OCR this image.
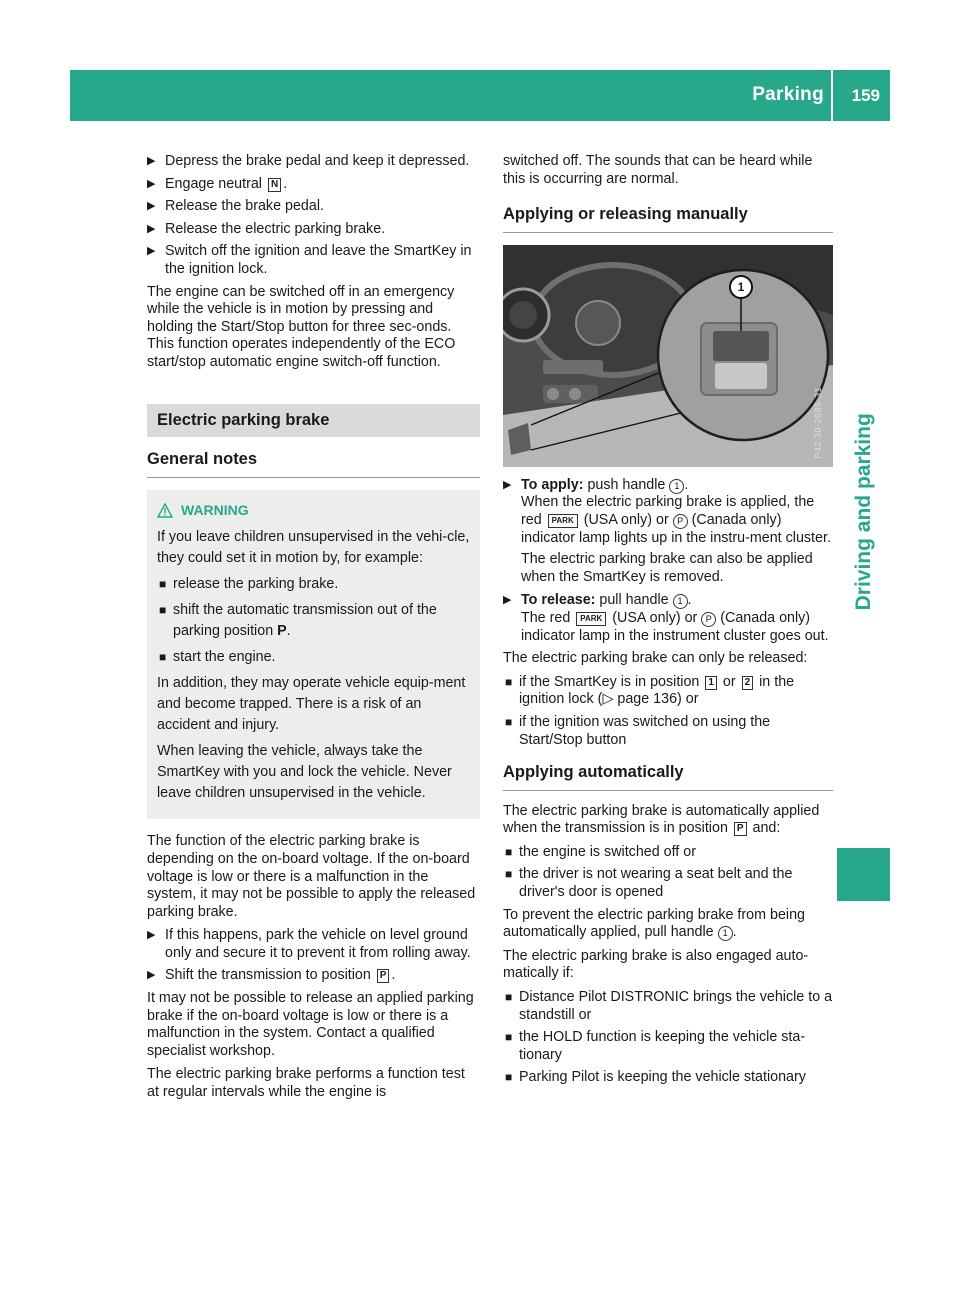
Parking 159
Driving and parking
▶ Depress the brake pedal and keep it depressed.
▶ Engage neutral N .
▶ Release the brake pedal.
▶ Release the electric parking brake.
▶ Switch off the ignition and leave the SmartKey in the ignition lock.

The engine can be switched off in an emergency while the vehicle is in motion by pressing and holding the Start/Stop button for three sec-onds. This function operates independently of the ECO start/stop automatic engine switch-off function.

Electric parking brake
General notes
WARNING

If you leave children unsupervised in the vehi-cle, they could set it in motion by, for example:

■ release the parking brake.
■ shift the automatic transmission out of the parking position P.
■ start the engine.

In addition, they may operate vehicle equip-ment and become trapped. There is a risk of an accident and injury.

When leaving the vehicle, always take the SmartKey with you and lock the vehicle. Never leave children unsupervised in the vehicle.

The function of the electric parking brake is depending on the on-board voltage. If the on-board voltage is low or there is a malfunction in the system, it may not be possible to apply the released parking brake.

▶ If this happens, park the vehicle on level ground only and secure it to prevent it from rolling away.
▶ Shift the transmission to position P .

It may not be possible to release an applied parking brake if the on-board voltage is low or there is a malfunction in the system. Contact a qualified specialist workshop.

The electric parking brake performs a function test at regular intervals while the engine is

switched off. The sounds that can be heard while this is occurring are normal.

Applying or releasing manually
1
P42.30-2685-31
▶ To apply: push handle 1 .
When the electric parking brake is applied, the red PARK (USA only) or P (Canada only) indicator lamp lights up in the instru-ment cluster.

The electric parking brake can also be applied when the SmartKey is removed.

▶ To release: pull handle 1 .
The red PARK (USA only) or P (Canada only) indicator lamp in the instrument cluster goes out.

The electric parking brake can only be released:

■ if the SmartKey is in position 1 or 2 in the ignition lock (▷ page 136) or
■ if the ignition was switched on using the Start/Stop button
Applying automatically

The electric parking brake is automatically applied when the transmission is in position P and:

■ the engine is switched off or
■ the driver is not wearing a seat belt and the driver's door is opened

To prevent the electric parking brake from being automatically applied, pull handle 1 .

The electric parking brake is also engaged auto-matically if:

■ Distance Pilot DISTRONIC brings the vehicle to a standstill or
■ the HOLD function is keeping the vehicle sta-tionary
■ Parking Pilot is keeping the vehicle stationary
